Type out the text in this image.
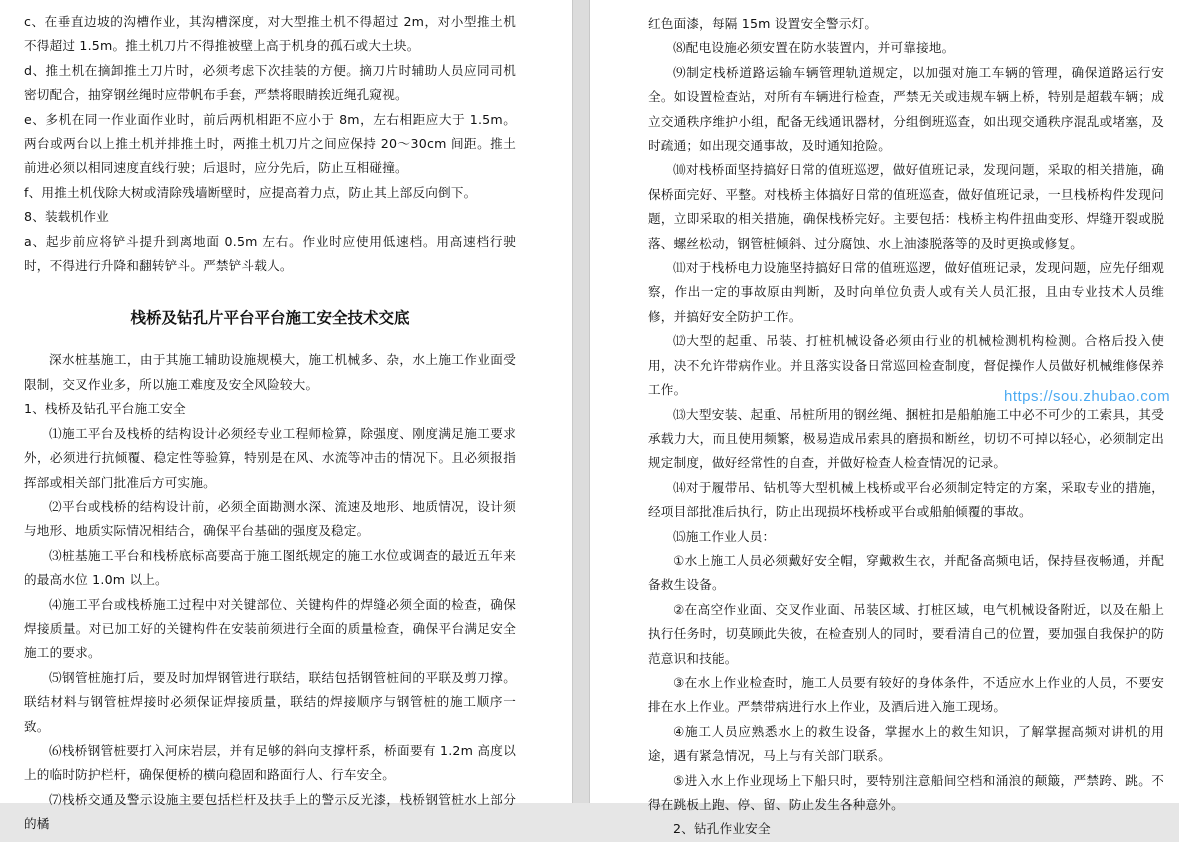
c、在垂直边坡的沟槽作业，其沟槽深度，对大型推土机不得超过 2m，对小型推土机不得超过 1.5m。推土机刀片不得推被壁上高于机身的孤石或大土块。

d、推土机在摘卸推土刀片时，必须考虑下次挂装的方便。摘刀片时辅助人员应同司机密切配合，抽穿钢丝绳时应带帆布手套，严禁将眼睛挨近绳孔窥视。

e、多机在同一作业面作业时，前后两机相距不应小于 8m，左右相距应大于 1.5m。两台或两台以上推土机并排推土时，两推土机刀片之间应保持 20～30cm 间距。推土前进必须以相同速度直线行驶；后退时，应分先后，防止互相碰撞。

f、用推土机伐除大树或清除残墙断壁时，应提高着力点，防止其上部反向倒下。

8、装载机作业

a、起步前应将铲斗提升到离地面 0.5m 左右。作业时应使用低速档。用高速档行驶时，不得进行升降和翻转铲斗。严禁铲斗载人。

栈桥及钻孔片平台平台施工安全技术交底

深水桩基施工，由于其施工辅助设施规模大，施工机械多、杂，水上施工作业面受限制，交叉作业多，所以施工难度及安全风险较大。

1、栈桥及钻孔平台施工安全

⑴施工平台及栈桥的结构设计必须经专业工程师检算，除强度、刚度满足施工要求外，必须进行抗倾覆、稳定性等验算，特别是在风、水流等冲击的情况下。且必须报指挥部或相关部门批准后方可实施。

⑵平台或栈桥的结构设计前，必须全面勘测水深、流速及地形、地质情况，设计须与地形、地质实际情况相结合，确保平台基础的强度及稳定。

⑶桩基施工平台和栈桥底标高要高于施工图纸规定的施工水位或调查的最近五年来的最高水位 1.0m 以上。

⑷施工平台或栈桥施工过程中对关键部位、关键构件的焊缝必须全面的检查，确保焊接质量。对已加工好的关键构件在安装前须进行全面的质量检查，确保平台满足安全施工的要求。

⑸钢管桩施打后，要及时加焊钢管进行联结，联结包括钢管桩间的平联及剪刀撑。联结材料与钢管桩焊接时必须保证焊接质量，联结的焊接顺序与钢管桩的施工顺序一致。

⑹栈桥钢管桩要打入河床岩层，并有足够的斜向支撑杆系，桥面要有 1.2m 高度以上的临时防护栏杆，确保便桥的横向稳固和路面行人、行车安全。

⑺栈桥交通及警示设施主要包括栏杆及扶手上的警示反光漆，栈桥钢管桩水上部分的橘

红色面漆，每隔 15m 设置安全警示灯。

⑻配电设施必须安置在防水装置内，并可靠接地。

⑼制定栈桥道路运输车辆管理轨道规定，以加强对施工车辆的管理，确保道路运行安全。如设置检查站，对所有车辆进行检查，严禁无关或违规车辆上桥，特别是超载车辆；成立交通秩序维护小组，配备无线通讯器材，分组倒班巡查，如出现交通秩序混乱或堵塞，及时疏通；如出现交通事故，及时通知抢险。

⑽对栈桥面坚持搞好日常的值班巡逻，做好值班记录，发现问题，采取的相关措施，确保桥面完好、平整。对栈桥主体搞好日常的值班巡查，做好值班记录，一旦栈桥构件发现问题，立即采取的相关措施，确保栈桥完好。主要包括：栈桥主构件扭曲变形、焊缝开裂或脱落、螺丝松动，钢管桩倾斜、过分腐蚀、水上油漆脱落等的及时更换或修复。

⑾对于栈桥电力设施坚持搞好日常的值班巡逻，做好值班记录，发现问题，应先仔细观察，作出一定的事故原由判断，及时向单位负责人或有关人员汇报，且由专业技术人员维修，并搞好安全防护工作。

⑿大型的起重、吊装、打桩机械设备必须由行业的机械检测机构检测。合格后投入使用，决不允许带病作业。并且落实设备日常巡回检查制度，督促操作人员做好机械维修保养工作。

⒀大型安装、起重、吊桩所用的钢丝绳、捆桩扣是船舶施工中必不可少的工索具，其受承载力大，而且使用频繁，极易造成吊索具的磨损和断丝，切切不可掉以轻心，必须制定出规定制度，做好经常性的自查，并做好检查人检查情况的记录。

⒁对于履带吊、钻机等大型机械上栈桥或平台必须制定特定的方案，采取专业的措施，经项目部批准后执行，防止出现损坏栈桥或平台或船舶倾覆的事故。

⒂施工作业人员：

①水上施工人员必须戴好安全帽，穿戴救生衣，并配备高频电话，保持昼夜畅通，并配备救生设备。

②在高空作业面、交叉作业面、吊装区域、打桩区域，电气机械设备附近，以及在船上执行任务时，切莫顾此失彼，在检查别人的同时，要看清自己的位置，要加强自我保护的防范意识和技能。

③在水上作业检查时，施工人员要有较好的身体条件，不适应水上作业的人员，不要安排在水上作业。严禁带病进行水上作业，及酒后进入施工现场。

④施工人员应熟悉水上的救生设备，掌握水上的救生知识，了解掌握高频对讲机的用途，遇有紧急情况，马上与有关部门联系。

⑤进入水上作业现场上下船只时，要特别注意船间空档和涌浪的颠簸，严禁跨、跳。不得在跳板上跑、停、留、防止发生各种意外。

2、钻孔作业安全

https://sou.zhubao.com
